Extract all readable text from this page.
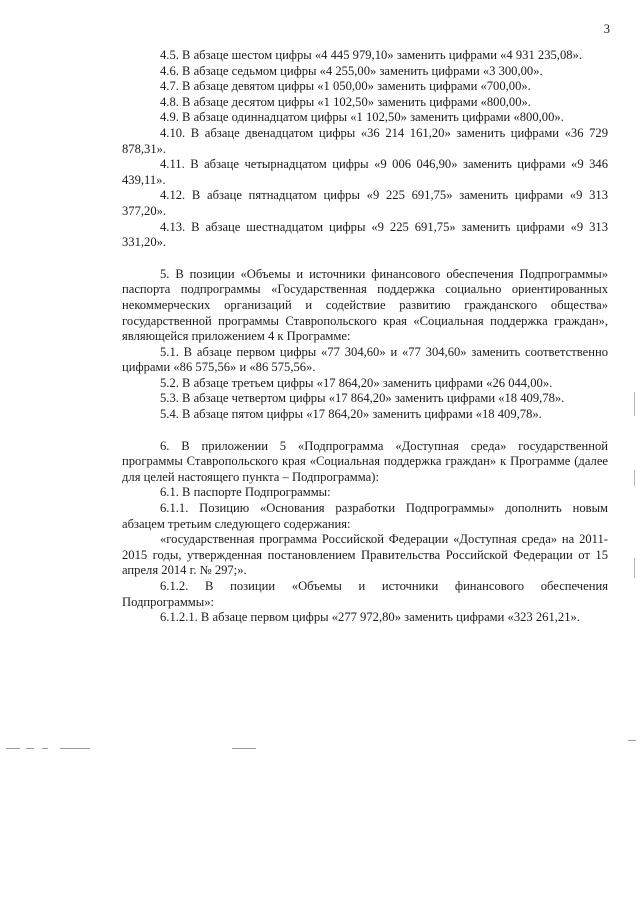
3

4.5. В абзаце шестом цифры «4 445 979,10» заменить цифрами «4 931 235,08».

4.6. В абзаце седьмом цифры «4 255,00» заменить цифрами «3 300,00».

4.7. В абзаце девятом цифры «1 050,00» заменить цифрами «700,00».

4.8. В абзаце десятом цифры «1 102,50» заменить цифрами «800,00».

4.9. В абзаце одиннадцатом цифры «1 102,50» заменить цифрами «800,00».

4.10. В абзаце двенадцатом цифры «36 214 161,20» заменить цифрами «36 729 878,31».

4.11. В абзаце четырнадцатом цифры «9 006 046,90» заменить цифрами «9 346 439,11».

4.12. В абзаце пятнадцатом цифры «9 225 691,75» заменить цифрами «9 313 377,20».

4.13. В абзаце шестнадцатом цифры «9 225 691,75» заменить цифрами «9 313 331,20».

5. В позиции «Объемы и источники финансового обеспечения Подпрограммы» паспорта подпрограммы «Государственная поддержка социально ориентированных некоммерческих организаций и содействие развитию гражданского общества» государственной программы Ставропольского края «Социальная поддержка граждан», являющейся приложением 4 к Программе:

5.1. В абзаце первом цифры «77 304,60» и «77 304,60» заменить соответственно цифрами «86 575,56» и «86 575,56».

5.2. В абзаце третьем цифры «17 864,20» заменить цифрами «26 044,00».

5.3. В абзаце четвертом цифры «17 864,20» заменить цифрами «18 409,78».

5.4. В абзаце пятом цифры «17 864,20» заменить цифрами «18 409,78».

6. В приложении 5 «Подпрограмма «Доступная среда» государственной программы Ставропольского края «Социальная поддержка граждан» к Программе (далее для целей настоящего пункта – Подпрограмма):

6.1. В паспорте Подпрограммы:

6.1.1. Позицию «Основания разработки Подпрограммы» дополнить новым абзацем третьим следующего содержания:

«государственная программа Российской Федерации «Доступная среда» на 2011-2015 годы, утвержденная постановлением Правительства Российской Федерации от 15 апреля 2014 г. № 297;».

6.1.2. В позиции «Объемы и источники финансового обеспечения Подпрограммы»:

6.1.2.1. В абзаце первом цифры «277 972,80» заменить цифрами «323 261,21».
